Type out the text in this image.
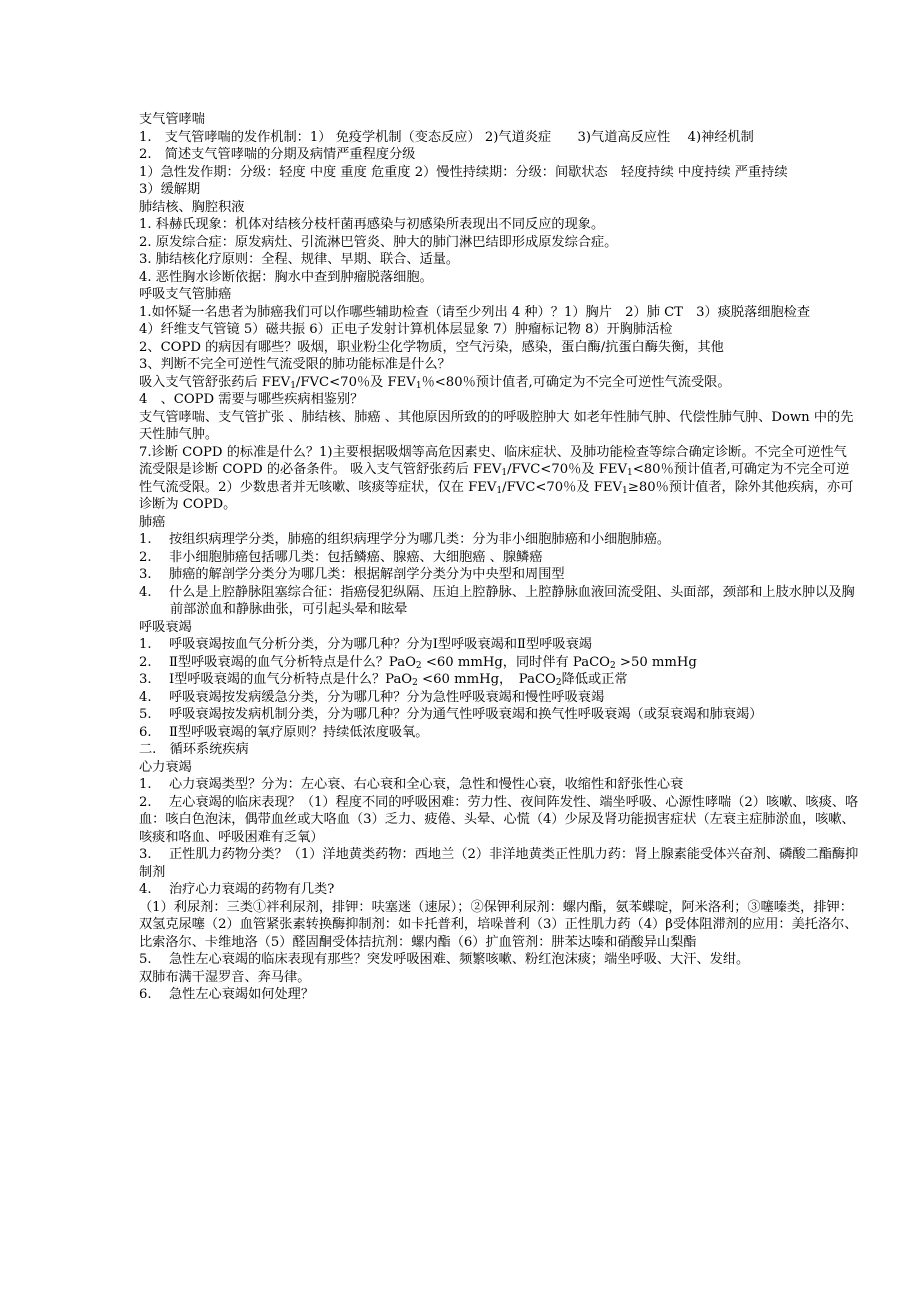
支气管哮喘

1.　支气管哮喘的发作机制：1） 免疫学机制（变态反应） 2)气道炎症　　3)气道高反应性　 4)神经机制

2.　简述支气管哮喘的分期及病情严重程度分级

1）急性发作期：分级：轻度 中度 重度 危重度 2）慢性持续期：分级：间歇状态　轻度持续 中度持续 严重持续

3）缓解期

肺结核、胸腔积液

1. 科赫氏现象：机体对结核分枝杆菌再感染与初感染所表现出不同反应的现象。

2. 原发综合症：原发病灶、引流淋巴管炎、肿大的肺门淋巴结即形成原发综合症。

3. 肺结核化疗原则：全程、规律、早期、联合、适量。

4. 恶性胸水诊断依据：胸水中查到肿瘤脱落细胞。

呼吸支气管肺癌

1.如怀疑一名患者为肺癌我们可以作哪些辅助检查（请至少列出 4 种）？1）胸片　2）肺 CT　3）痰脱落细胞检查

4）纤维支气管镜 5）磁共振 6）正电子发射计算机体层显象 7）肿瘤标记物 8）开胸肺活检

2、COPD 的病因有哪些？吸烟，职业粉尘化学物质，空气污染，感染，蛋白酶/抗蛋白酶失衡，其他

3、判断不完全可逆性气流受限的肺功能标准是什么？

吸入支气管舒张药后 $FEV_1/FVC<70$％及 $FEV_1$％<80％预计值者,可确定为不完全可逆性气流受限。

4　、COPD 需要与哪些疾病相鉴别？

支气管哮喘、支气管扩张 、肺结核、肺癌 、其他原因所致的的呼吸腔肿大 如老年性肺气肿、代偿性肺气肿、Down 中的先天性肺气肿。

7.诊断 COPD 的标准是什么？1)主要根据吸烟等高危因素史、临床症状、及肺功能检查等综合确定诊断。不完全可逆性气流受限是诊断 COPD 的必备条件。 吸入支气管舒张药后 $FEV_1/FVC<70$％及 $FEV_1<80$％预计值者,可确定为不完全可逆性气流受限。2）少数患者并无咳嗽、咳痰等症状，仅在 $FEV_1/FVC<70$％及 $FEV_1\ge 80$％预计值者，除外其他疾病，亦可诊断为 COPD。

肺癌

1.　 按组织病理学分类，肺癌的组织病理学分为哪几类：分为非小细胞肺癌和小细胞肺癌。

2.　 非小细胞肺癌包括哪几类：包括鳞癌、腺癌、大细胞癌 、腺鳞癌

3.　 肺癌的解剖学分类分为哪几类：根据解剖学分类分为中央型和周围型

4.　 什么是上腔静脉阻塞综合征：指癌侵犯纵隔、压迫上腔静脉、上腔静脉血液回流受阻、头面部，颈部和上肢水肿以及胸前部淤血和静脉曲张，可引起头晕和眩晕

呼吸衰竭

1.　 呼吸衰竭按血气分析分类，分为哪几种？分为Ⅰ型呼吸衰竭和Ⅱ型呼吸衰竭

2.　 Ⅱ型呼吸衰竭的血气分析特点是什么？PaO$_2$ <60 mmHg，同时伴有 PaCO$_2$ >50 mmHg

3.　 Ⅰ型呼吸衰竭的血气分析特点是什么？PaO$_2$ <60 mmHg，　PaCO$_2$降低或正常

4.　 呼吸衰竭按发病缓急分类，分为哪几种？分为急性呼吸衰竭和慢性呼吸衰竭

5.　 呼吸衰竭按发病机制分类，分为哪几种？分为通气性呼吸衰竭和换气性呼吸衰竭（或泵衰竭和肺衰竭）

6.　 Ⅱ型呼吸衰竭的氧疗原则？持续低浓度吸氧。

二.　循环系统疾病

心力衰竭

1.　 心力衰竭类型？分为：左心衰、右心衰和全心衰，急性和慢性心衰，收缩性和舒张性心衰

2.　 左心衰竭的临床表现？（1）程度不同的呼吸困难：劳力性、夜间阵发性、端坐呼吸、心源性哮喘（2）咳嗽、咳痰、咯血：咳白色泡沫，偶带血丝或大咯血（3）乏力、疲倦、头晕、心慌（4）少尿及肾功能损害症状（左衰主症肺淤血，咳嗽、咳痰和咯血、呼吸困难有乏氧）

3.　 正性肌力药物分类？（1）洋地黄类药物：西地兰（2）非洋地黄类正性肌力药：肾上腺素能受体兴奋剂、磷酸二酯酶抑制剂

4.　 治疗心力衰竭的药物有几类?

（1）利尿剂：三类①袢利尿剂，排钾：呋塞迷（速尿）；②保钾利尿剂：螺内酯，氨苯蝶啶，阿米洛利；③噻嗪类，排钾：双氢克尿噻（2）血管紧张素转换酶抑制剂：如卡托普利，培哚普利（3）正性肌力药（4）β受体阻滞剂的应用：美托洛尔、比索洛尔、卡维地洛（5）醛固酮受体拮抗剂：螺内酯（6）扩血管剂：肼苯达嗪和硝酸异山梨酯

5.　 急性左心衰竭的临床表现有那些？突发呼吸困难、频繁咳嗽、粉红泡沫痰；端坐呼吸、大汗、发绀。

双肺布满干湿罗音、奔马律。

6.　 急性左心衰竭如何处理？
